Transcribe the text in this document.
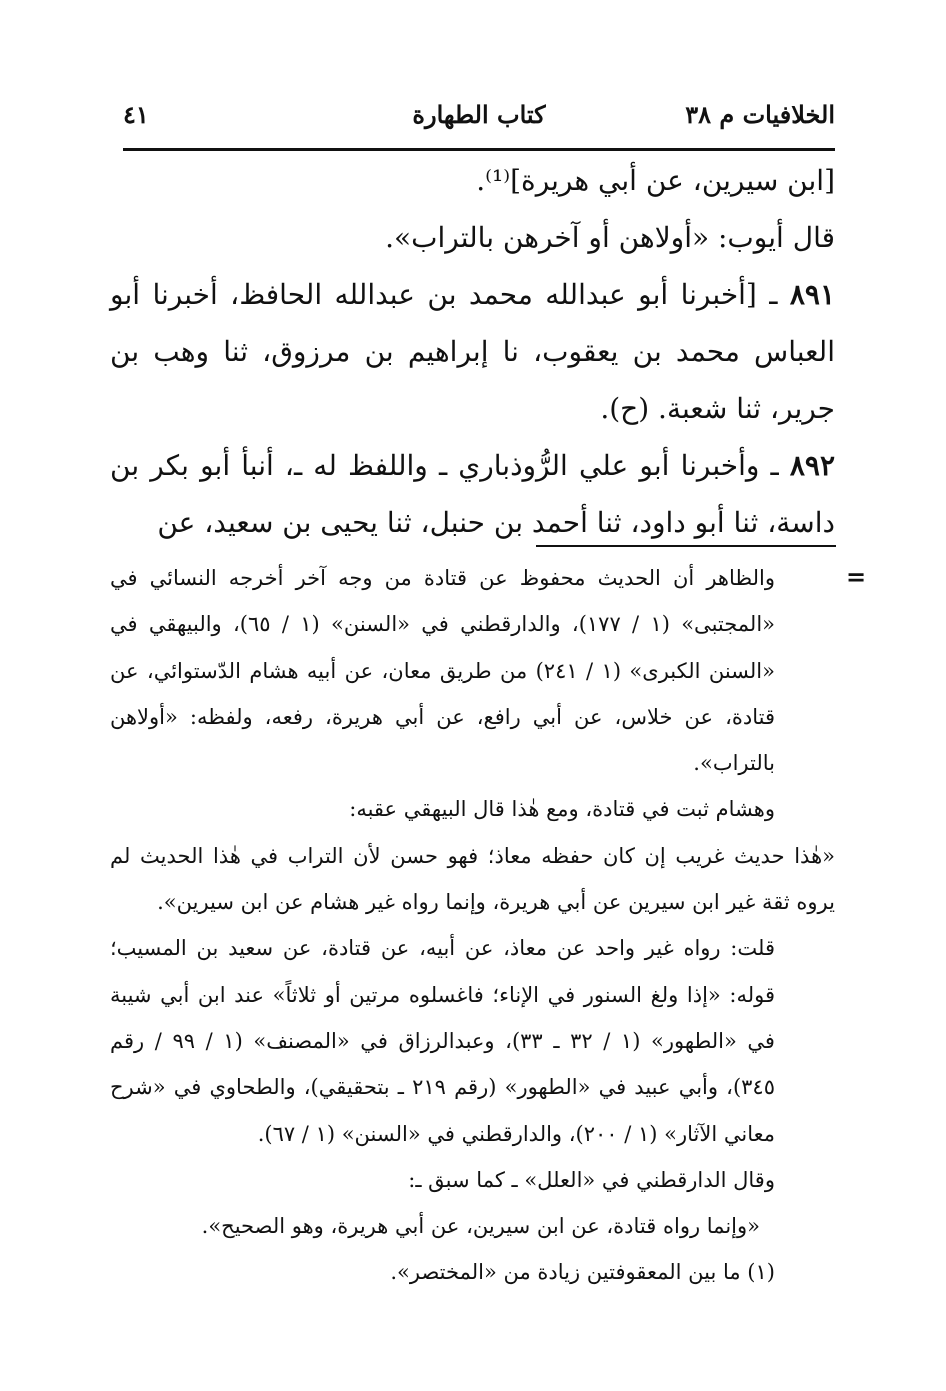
الخلافيات م ٣٨
كتاب الطهارة
٤١

[ابن سيرين، عن أبي هريرة]⁽¹⁾.

قال أيوب: «أولاهن أو آخرهن بالتراب».

٨٩١ ـ [أخبرنا أبو عبدالله محمد بن عبدالله الحافظ، أخبرنا أبو العباس محمد بن يعقوب، نا إبراهيم بن مرزوق، ثنا وهب بن جرير، ثنا شعبة. (ح).

٨٩٢ ـ وأخبرنا أبو علي الرُّوذباري ـ واللفظ له ـ، أنبأ أبو بكر بن داسة، ثنا أبو داود، ثنا أحمد بن حنبل، ثنا يحيى بن سعيد، عن

=

والظاهر أن الحديث محفوظ عن قتادة من وجه آخر أخرجه النسائي في «المجتبى» (١ / ١٧٧)، والدارقطني في «السنن» (١ / ٦٥)، والبيهقي في «السنن الكبرى» (١ / ٢٤١) من طريق معان، عن أبيه هشام الدّستوائي، عن قتادة، عن خلاس، عن أبي رافع، عن أبي هريرة، رفعه، ولفظه: «أولاهن بالتراب».

وهشام ثبت في قتادة، ومع هٰذا قال البيهقي عقبه:

«هٰذا حديث غريب إن كان حفظه معاذ؛ فهو حسن لأن التراب في هٰذا الحديث لم يروه ثقة غير ابن سيرين عن أبي هريرة، وإنما رواه غير هشام عن ابن سيرين».

قلت: رواه غير واحد عن معاذ، عن أبيه، عن قتادة، عن سعيد بن المسيب؛ قوله: «إذا ولغ السنور في الإناء؛ فاغسلوه مرتين أو ثلاثاً» عند ابن أبي شيبة في «الطهور» (١ / ٣٢ ـ ٣٣)، وعبدالرزاق في «المصنف» (١ / ٩٩ / رقم ٣٤٥)، وأبي عبيد في «الطهور» (رقم ٢١٩ ـ بتحقيقي)، والطحاوي في «شرح معاني الآثار» (١ / ٢٠٠)، والدارقطني في «السنن» (١ / ٦٧).

وقال الدارقطني في «العلل» ـ كما سبق ـ:

«وإنما رواه قتادة، عن ابن سيرين، عن أبي هريرة، وهو الصحيح».

(١) ما بين المعقوفتين زيادة من «المختصر».
